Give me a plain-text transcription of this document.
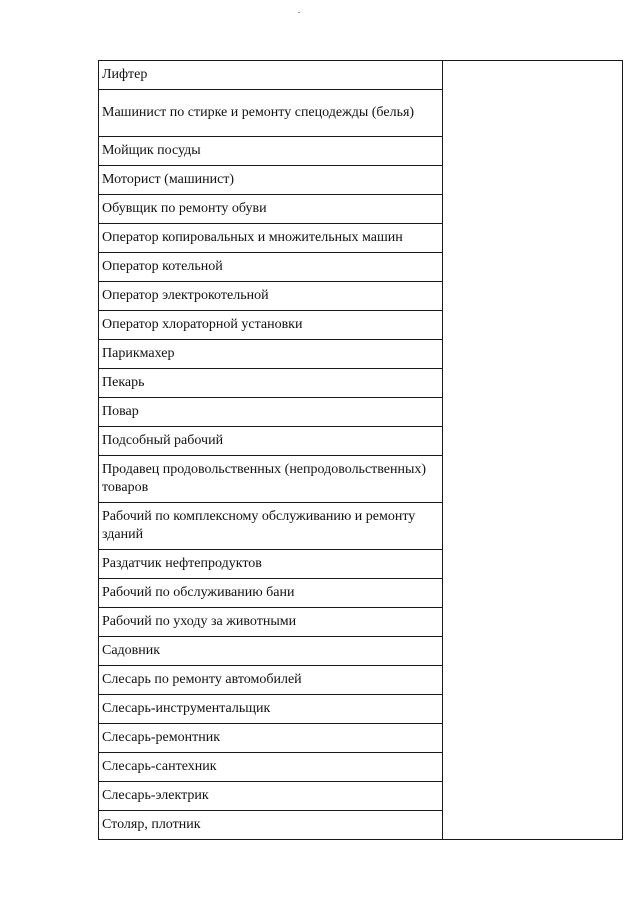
Лифтер	
Машинист по стирке и ремонту спецодежды (белья)
Мойщик посуды
Моторист (машинист)
Обувщик по ремонту обуви
Оператор копировальных и множительных машин
Оператор котельной
Оператор электрокотельной
Оператор хлораторной установки
Парикмахер
Пекарь
Повар
Подсобный рабочий
Продавец продовольственных (непродовольственных) товаров
Рабочий по комплексному обслуживанию и ремонту зданий
Раздатчик нефтепродуктов
Рабочий по обслуживанию бани
Рабочий по уходу за животными
Садовник
Слесарь по ремонту автомобилей
Слесарь-инструментальщик
Слесарь-ремонтник
Слесарь-сантехник
Слесарь-электрик
Столяр, плотник
